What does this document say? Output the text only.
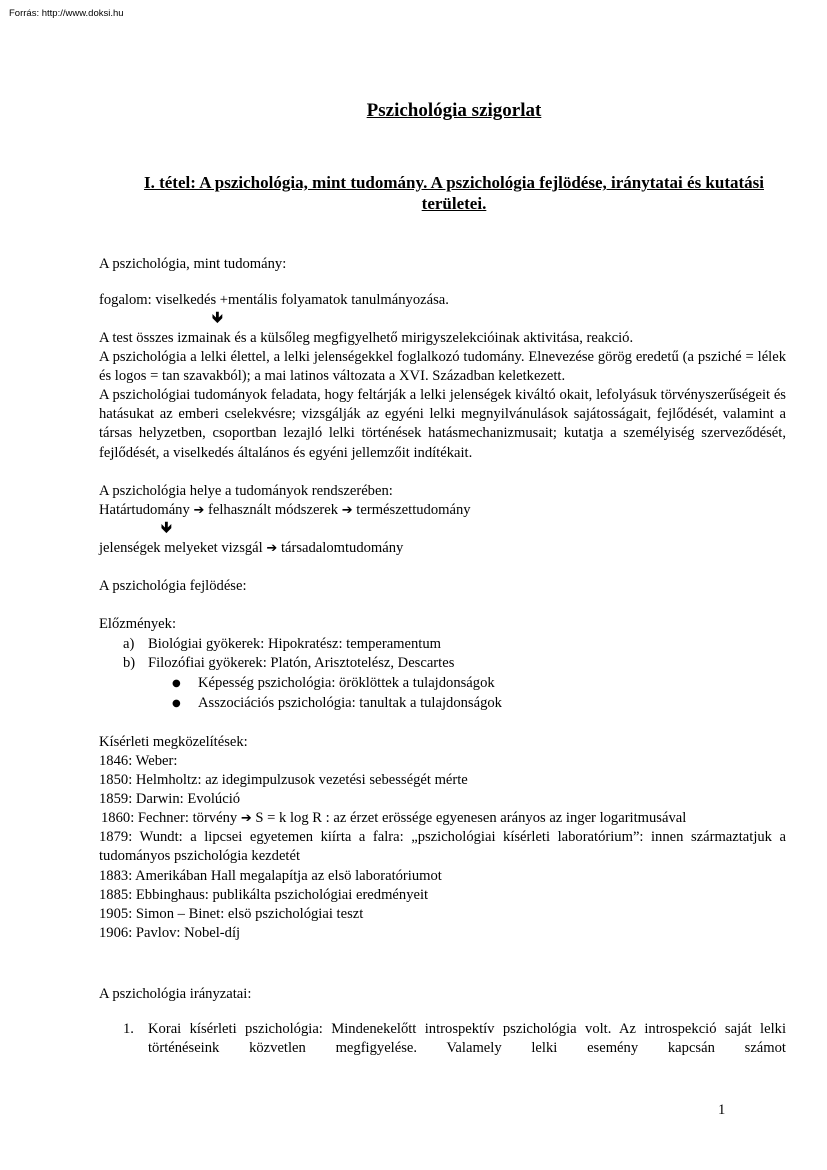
Forrás: http://www.doksi.hu
Pszichológia szigorlat
I. tétel: A pszichológia, mint tudomány. A pszichológia fejlödése, iránytatai és kutatási területei.
A pszichológia, mint tudomány:
fogalom: viselkedés +mentális folyamatok tanulmányozása.
🡻
A test összes izmainak és a külsőleg megfigyelhető mirigyszelekcióinak aktivitása, reakció.
A pszichológia a lelki élettel, a lelki jelenségekkel foglalkozó tudomány. Elnevezése görög eredetű (a psziché = lélek és logos = tan szavakból); a mai latinos változata a XVI. Században keletkezett.
A pszichológiai tudományok feladata, hogy feltárják a lelki jelenségek kiváltó okait, lefolyásuk törvényszerűségeit és hatásukat az emberi cselekvésre; vizsgálják az egyéni lelki megnyilvánulások sajátosságait, fejlődését, valamint a társas helyzetben, csoportban lezajló lelki történések hatásmechanizmusait; kutatja a személyiség szerveződését, fejlődését, a viselkedés általános és egyéni jellemzőit indítékait.
A pszichológia helye a tudományok rendszerében:
Határtudomány ➔ felhasznált módszerek ➔ természettudomány
🡻
jelenségek melyeket vizsgál ➔ társadalomtudomány
A pszichológia fejlödése:
Előzmények:
a) Biológiai gyökerek: Hipokratész: temperamentum
b) Filozófiai gyökerek: Platón, Arisztotelész, Descartes
● Képesség pszichológia: öröklöttek a tulajdonságok
● Asszociációs pszichológia: tanultak a tulajdonságok
Kísérleti megközelítések:
1846: Weber:
1850: Helmholtz: az idegimpulzusok vezetési sebességét mérte
1859: Darwin: Evolúció
1860: Fechner: törvény ➔ S = k log R : az érzet erössége egyenesen arányos az inger logaritmusával
1879: Wundt: a lipcsei egyetemen kiírta a falra: „pszichológiai kísérleti laboratórium”: innen származtatjuk a tudományos pszichológia kezdetét
1883: Amerikában Hall megalapítja az elsö laboratóriumot
1885: Ebbinghaus: publikálta pszichológiai eredményeit
1905: Simon – Binet: elsö pszichológiai teszt
1906: Pavlov: Nobel-díj
A pszichológia irányzatai:
1. Korai kísérleti pszichológia: Mindenekelőtt introspektív pszichológia volt. Az introspekció saját lelki történéseink közvetlen megfigyelése. Valamely lelki esemény kapcsán számot
1
